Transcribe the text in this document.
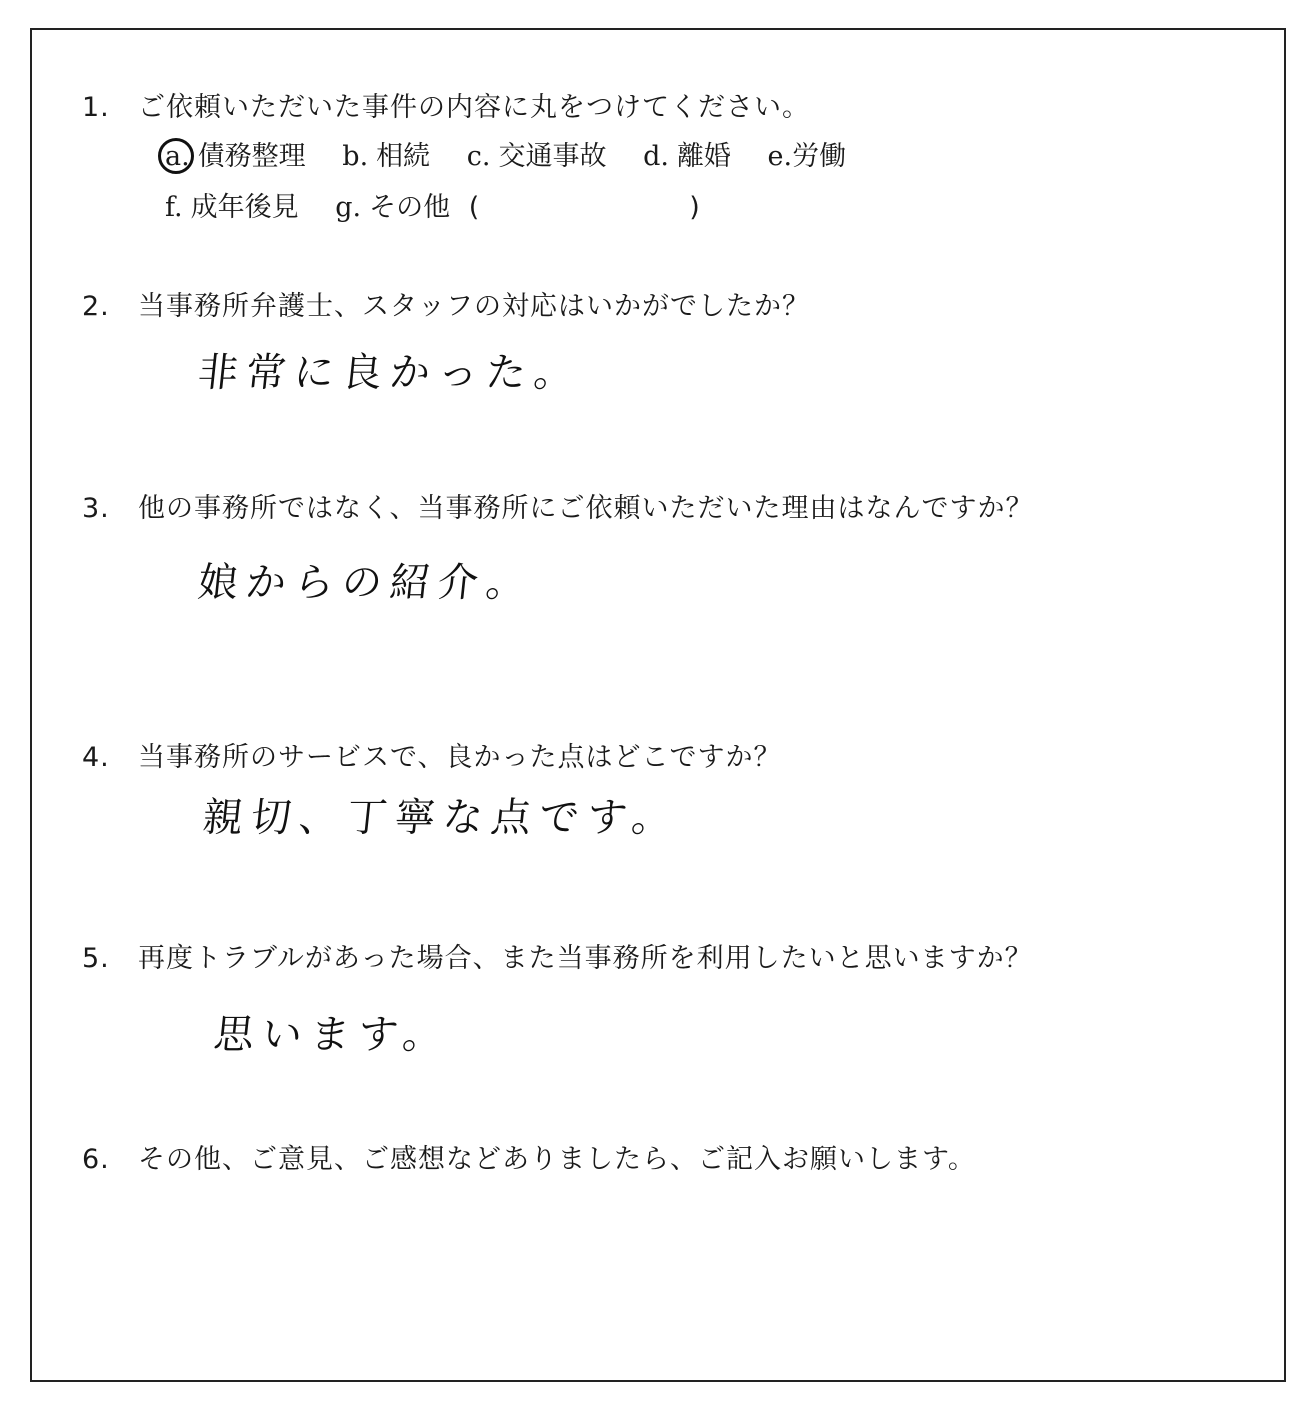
1. ご依頼いただいた事件の内容に丸をつけてください。
a. 債務整理 b. 相続 c. 交通事故 d. 離婚 e.労働
f. 成年後見 g. その他 (	)
2. 当事務所弁護士、スタッフの対応はいかがでしたか？
非常に良かった。
3. 他の事務所ではなく、当事務所にご依頼いただいた理由はなんですか？
娘からの紹介。
4. 当事務所のサービスで、良かった点はどこですか？
親切、丁寧な点です。
5. 再度トラブルがあった場合、また当事務所を利用したいと思いますか？
思います。
6. その他、ご意見、ご感想などありましたら、ご記入お願いします。
